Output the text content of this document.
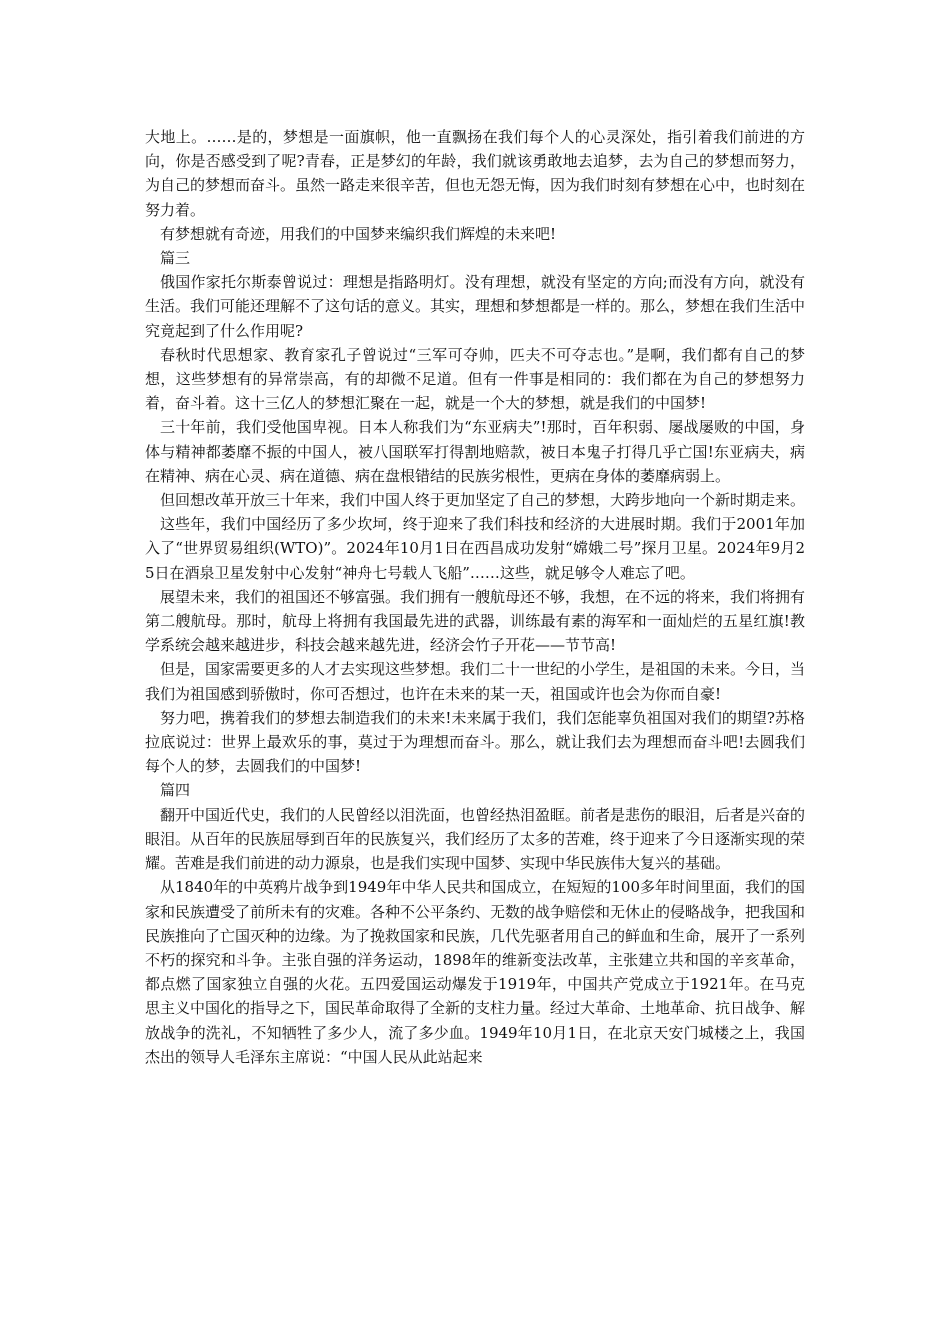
大地上。……是的，梦想是一面旗帜，他一直飘扬在我们每个人的心灵深处，指引着我们前进的方向，你是否感受到了呢?青春，正是梦幻的年龄，我们就该勇敢地去追梦，去为自己的梦想而努力，为自己的梦想而奋斗。虽然一路走来很辛苦，但也无怨无悔，因为我们时刻有梦想在心中，也时刻在努力着。

有梦想就有奇迹，用我们的中国梦来编织我们辉煌的未来吧!

篇三

俄国作家托尔斯泰曾说过：理想是指路明灯。没有理想，就没有坚定的方向;而没有方向，就没有生活。我们可能还理解不了这句话的意义。其实，理想和梦想都是一样的。那么，梦想在我们生活中究竟起到了什么作用呢?

春秋时代思想家、教育家孔子曾说过“三军可夺帅，匹夫不可夺志也。”是啊，我们都有自己的梦想，这些梦想有的异常崇高，有的却微不足道。但有一件事是相同的：我们都在为自己的梦想努力着，奋斗着。这十三亿人的梦想汇聚在一起，就是一个大的梦想，就是我们的中国梦!

三十年前，我们受他国卑视。日本人称我们为“东亚病夫”!那时，百年积弱、屡战屡败的中国，身体与精神都萎靡不振的中国人，被八国联军打得割地赔款，被日本鬼子打得几乎亡国!东亚病夫，病在精神、病在心灵、病在道德、病在盘根错结的民族劣根性，更病在身体的萎靡病弱上。

但回想改革开放三十年来，我们中国人终于更加坚定了自己的梦想，大跨步地向一个新时期走来。

这些年，我们中国经历了多少坎坷，终于迎来了我们科技和经济的大进展时期。我们于2001年加入了“世界贸易组织(WTO)”。2024年10月1日在西昌成功发射“嫦娥二号”探月卫星。2024年9月25日在酒泉卫星发射中心发射“神舟七号载人飞船”……这些，就足够令人难忘了吧。

展望未来，我们的祖国还不够富强。我们拥有一艘航母还不够，我想，在不远的将来，我们将拥有第二艘航母。那时，航母上将拥有我国最先进的武器，训练最有素的海军和一面灿烂的五星红旗!教学系统会越来越进步，科技会越来越先进，经济会竹子开花——节节高!

但是，国家需要更多的人才去实现这些梦想。我们二十一世纪的小学生，是祖国的未来。今日，当我们为祖国感到骄傲时，你可否想过，也许在未来的某一天，祖国或许也会为你而自豪!

努力吧，携着我们的梦想去制造我们的未来!未来属于我们，我们怎能辜负祖国对我们的期望?苏格拉底说过：世界上最欢乐的事，莫过于为理想而奋斗。那么，就让我们去为理想而奋斗吧!去圆我们每个人的梦，去圆我们的中国梦!

篇四

翻开中国近代史，我们的人民曾经以泪洗面，也曾经热泪盈眶。前者是悲伤的眼泪，后者是兴奋的眼泪。从百年的民族屈辱到百年的民族复兴，我们经历了太多的苦难，终于迎来了今日逐渐实现的荣耀。苦难是我们前进的动力源泉，也是我们实现中国梦、实现中华民族伟大复兴的基础。

从1840年的中英鸦片战争到1949年中华人民共和国成立，在短短的100多年时间里面，我们的国家和民族遭受了前所未有的灾难。各种不公平条约、无数的战争赔偿和无休止的侵略战争，把我国和民族推向了亡国灭种的边缘。为了挽救国家和民族，几代先驱者用自己的鲜血和生命，展开了一系列不朽的探究和斗争。主张自强的洋务运动，1898年的维新变法改革，主张建立共和国的辛亥革命，都点燃了国家独立自强的火花。五四爱国运动爆发于1919年，中国共产党成立于1921年。在马克思主义中国化的指导之下，国民革命取得了全新的支柱力量。经过大革命、土地革命、抗日战争、解放战争的洗礼，不知牺牲了多少人，流了多少血。1949年10月1日，在北京天安门城楼之上，我国杰出的领导人毛泽东主席说：“中国人民从此站起来
